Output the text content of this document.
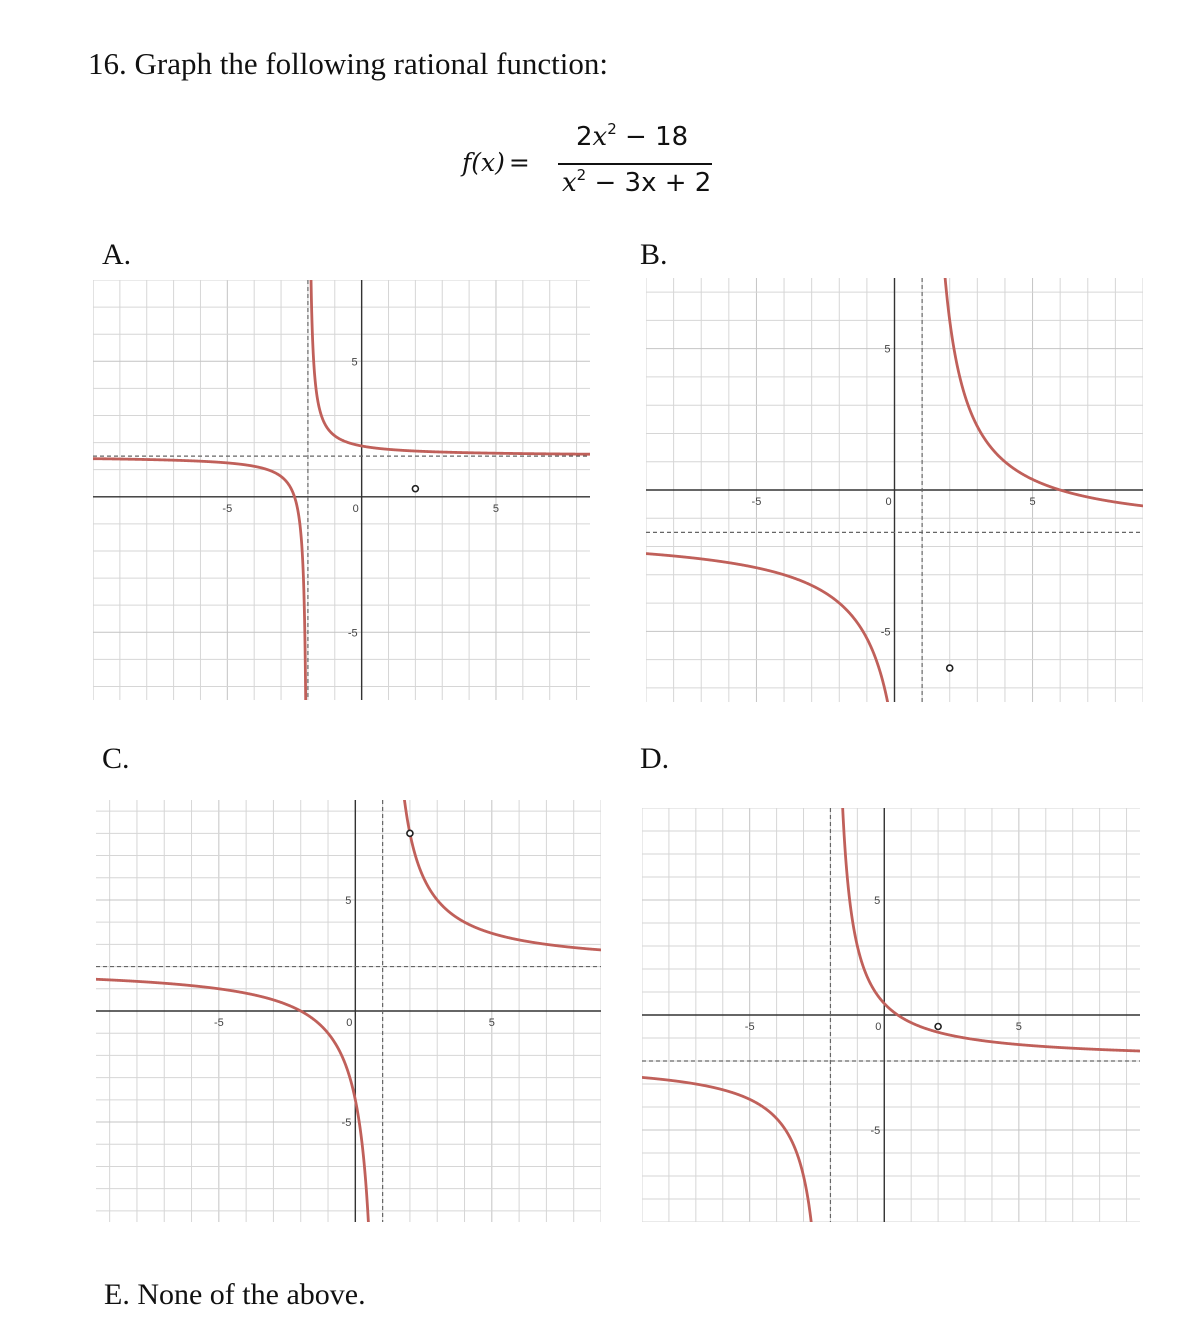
16. Graph the following rational function:
f(x) =
$2x^2 - 18$
$x^2 - 3x + 2$
A.	B.
C.	D.
-5	5
0
5
-5
-5	5
0
5
-5
-5	5
0
5
-5
-5	5
0
5
-5
E. None of the above.
